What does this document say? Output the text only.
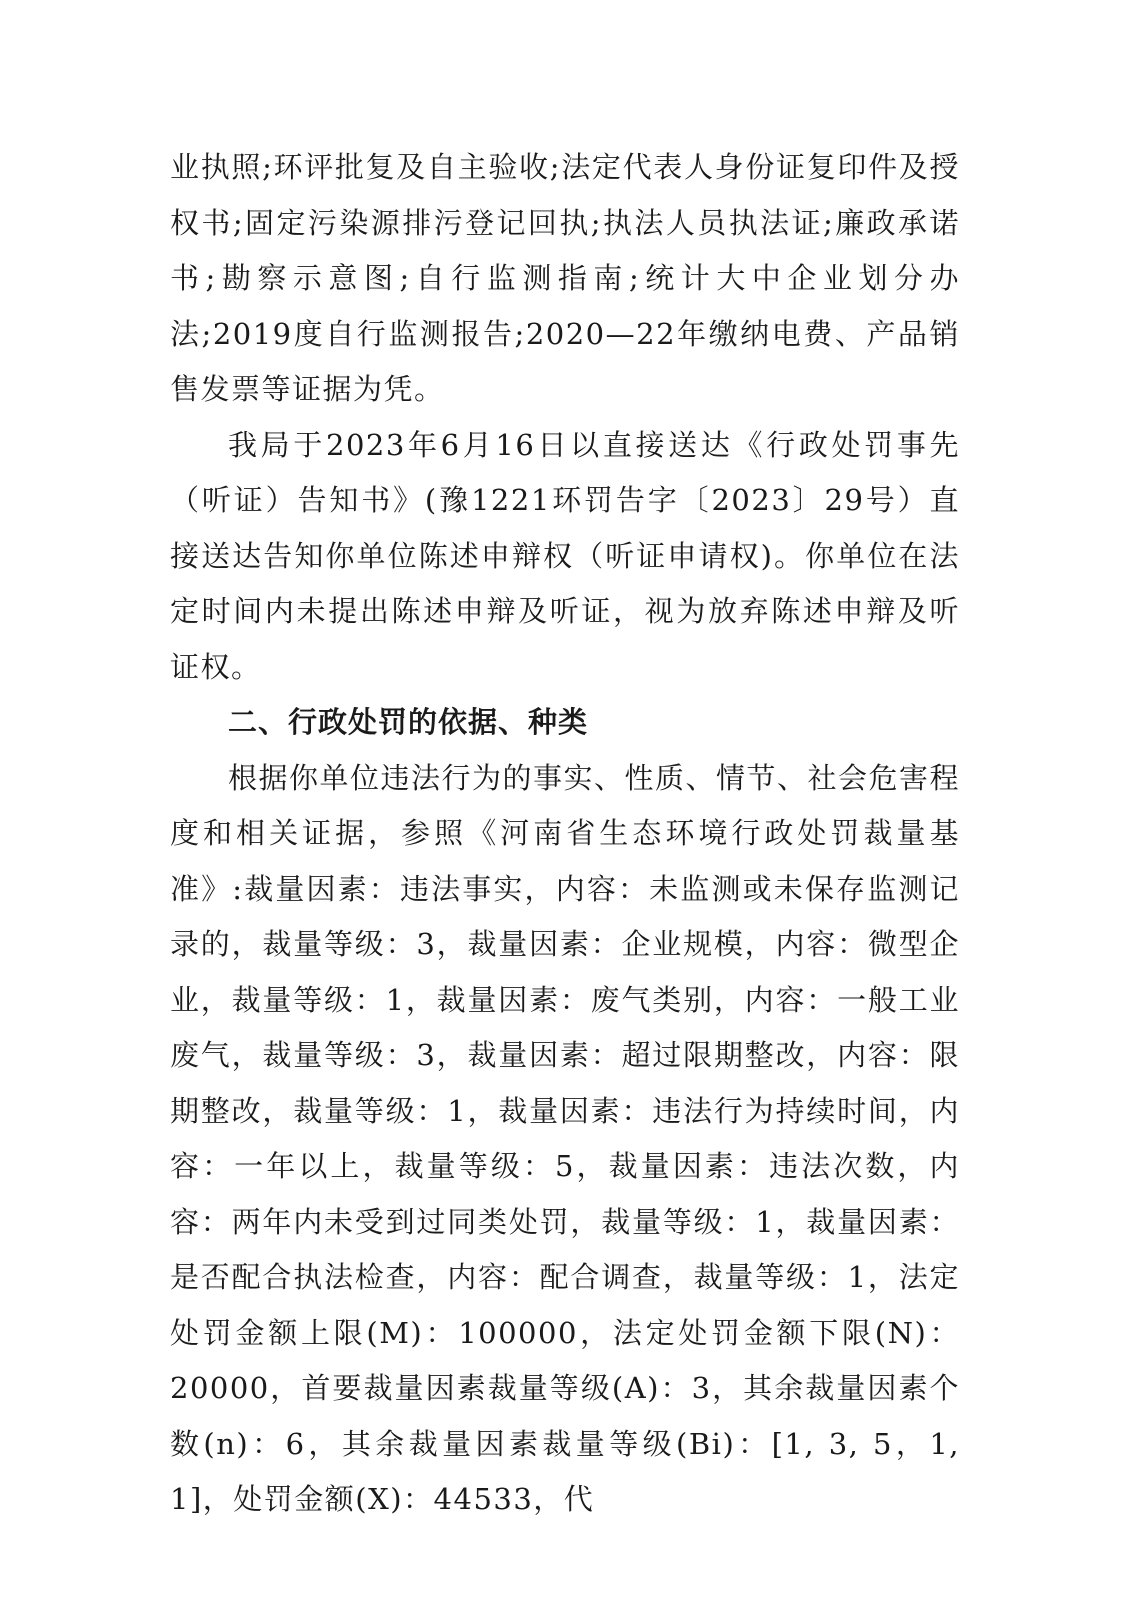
业执照;环评批复及自主验收;法定代表人身份证复印件及授权书;固定污染源排污登记回执;执法人员执法证;廉政承诺书;勘察示意图;自行监测指南;统计大中企业划分办法;2019度自行监测报告;2020—22年缴纳电费、产品销售发票等证据为凭。

我局于2023年6月16日以直接送达《行政处罚事先（听证）告知书》(豫1221环罚告字〔2023〕29号）直接送达告知你单位陈述申辩权（听证申请权)。你单位在法定时间内未提出陈述申辩及听证，视为放弃陈述申辩及听证权。

二、行政处罚的依据、种类

根据你单位违法行为的事实、性质、情节、社会危害程度和相关证据，参照《河南省生态环境行政处罚裁量基准》:裁量因素：违法事实，内容：未监测或未保存监测记录的，裁量等级：3，裁量因素：企业规模，内容：微型企业，裁量等级：1，裁量因素：废气类别，内容：一般工业废气，裁量等级：3，裁量因素：超过限期整改，内容：限期整改，裁量等级：1，裁量因素：违法行为持续时间，内容：一年以上，裁量等级：5，裁量因素：违法次数，内容：两年内未受到过同类处罚，裁量等级：1，裁量因素：是否配合执法检查，内容：配合调查，裁量等级：1，法定处罚金额上限(M)：100000，法定处罚金额下限(N)：20000，首要裁量因素裁量等级(A)：3，其余裁量因素个数(n)：6，其余裁量因素裁量等级(Bi)：[1, 3, 5，1, 1]，处罚金额(X)：44533，代
